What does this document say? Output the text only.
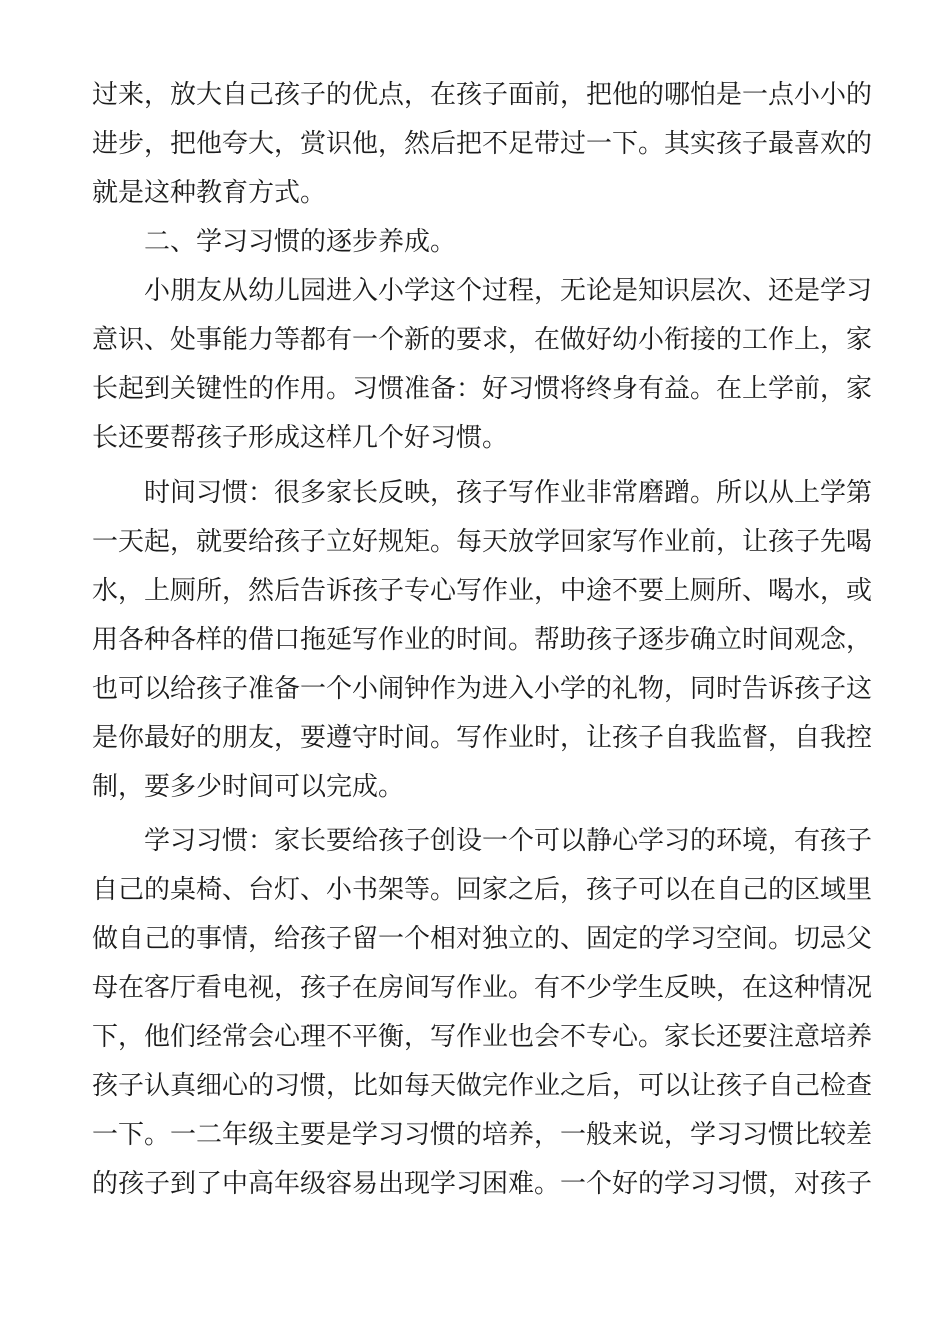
过来，放大自己孩子的优点，在孩子面前，把他的哪怕是一点小小的

进步，把他夸大，赏识他，然后把不足带过一下。其实孩子最喜欢的

就是这种教育方式。

二、学习习惯的逐步养成。

小朋友从幼儿园进入小学这个过程，无论是知识层次、还是学习

意识、处事能力等都有一个新的要求，在做好幼小衔接的工作上，家

长起到关键性的作用。习惯准备：好习惯将终身有益。在上学前，家

长还要帮孩子形成这样几个好习惯。

时间习惯：很多家长反映，孩子写作业非常磨蹭。所以从上学第

一天起，就要给孩子立好规矩。每天放学回家写作业前，让孩子先喝

水，上厕所，然后告诉孩子专心写作业，中途不要上厕所、喝水，或

用各种各样的借口拖延写作业的时间。帮助孩子逐步确立时间观念，

也可以给孩子准备一个小闹钟作为进入小学的礼物，同时告诉孩子这

是你最好的朋友，要遵守时间。写作业时，让孩子自我监督，自我控

制，要多少时间可以完成。

学习习惯：家长要给孩子创设一个可以静心学习的环境，有孩子

自己的桌椅、台灯、小书架等。回家之后，孩子可以在自己的区域里

做自己的事情，给孩子留一个相对独立的、固定的学习空间。切忌父

母在客厅看电视，孩子在房间写作业。有不少学生反映，在这种情况

下，他们经常会心理不平衡，写作业也会不专心。家长还要注意培养

孩子认真细心的习惯，比如每天做完作业之后，可以让孩子自己检查

一下。一二年级主要是学习习惯的培养，一般来说，学习习惯比较差

的孩子到了中高年级容易出现学习困难。一个好的学习习惯，对孩子
